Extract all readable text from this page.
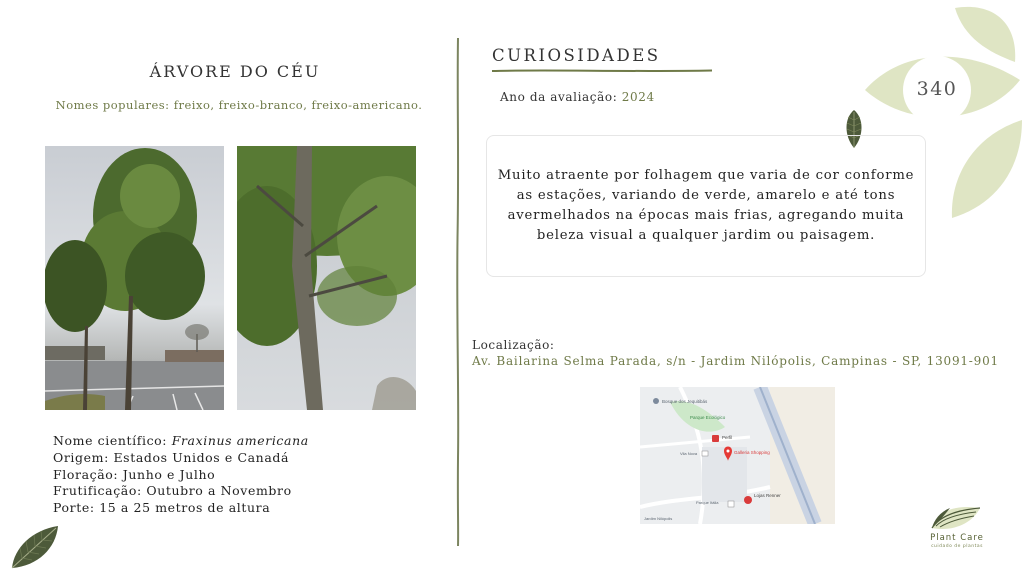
340
ÁRVORE DO CÉU
Nomes populares: freixo, freixo-branco, freixo-americano.
Nome científico: Fraxinus americana
Origem: Estados Unidos e Canadá
Floração: Junho e Julho
Frutificação: Outubro a Novembro
Porte: 15 a 25 metros de altura
CURIOSIDADES
Ano da avaliação: 2024
Muito atraente por folhagem que varia de cor conforme as estações, variando de verde, amarelo e até tons avermelhados na épocas mais frias, agregando muita beleza visual a qualquer jardim ou paisagem.
Localização:
Av. Bailarina Selma Parada, s/n - Jardim Nilópolis, Campinas - SP, 13091-901
Bosque dos Jequitibás
Parque Ecológico
Perfil
Galleria Shopping
Vila Nova
Lojas Renner
Parque Itália
Jardim Nilópolis
Plant Care
cuidado de plantas
